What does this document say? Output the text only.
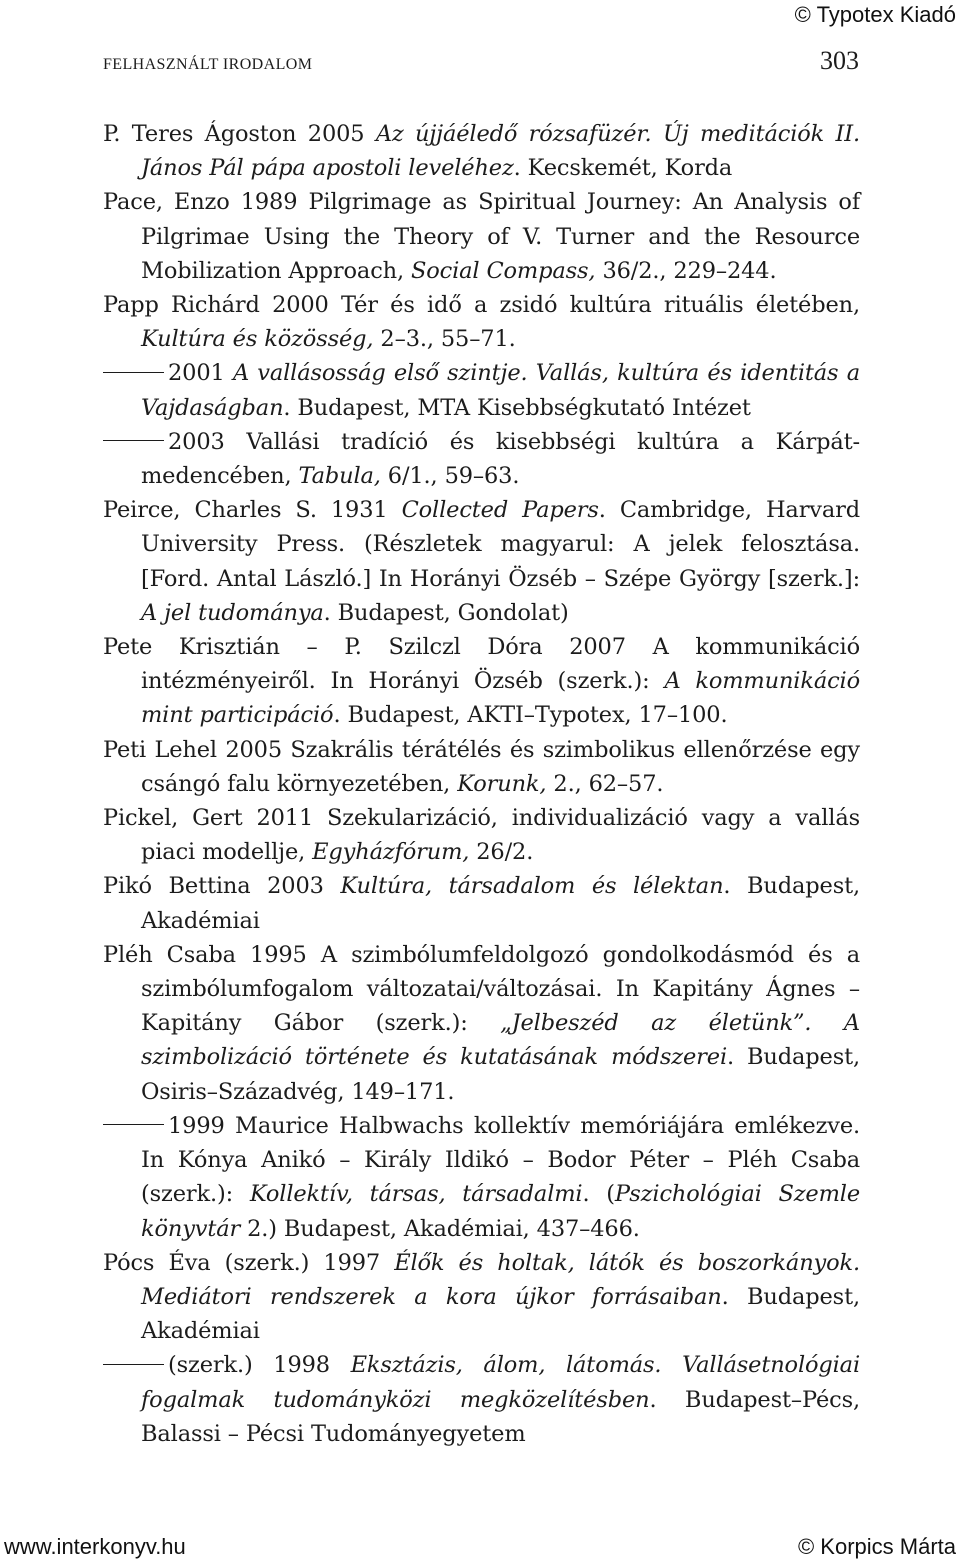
© Typotex Kiadó
FELHASZNÁLT IRODALOM	303
P. Teres Ágoston 2005 Az újjáéledő rózsafüzér. Új meditációk II. János Pál pápa apostoli leveléhez. Kecskemét, Korda
Pace, Enzo 1989 Pilgrimage as Spiritual Journey: An Analysis of Pilgrimae Using the Theory of V. Turner and the Resource Mobilization Approach, Social Compass, 36/2., 229–244.
Papp Richárd 2000 Tér és idő a zsidó kultúra rituális életében, Kultúra és közösség, 2–3., 55–71.
2001 A vallásosság első szintje. Vallás, kultúra és identitás a Vajdaságban. Budapest, MTA Kisebbségkutató Intézet
2003 Vallási tradíció és kisebbségi kultúra a Kárpát-medencében, Tabula, 6/1., 59–63.
Peirce, Charles S. 1931 Collected Papers. Cambridge, Harvard University Press. (Részletek magyarul: A jelek felosztása. [Ford. Antal László.] In Horányi Özséb – Szépe György [szerk.]: A jel tudománya. Budapest, Gondolat)
Pete Krisztián – P. Szilczl Dóra 2007 A kommunikáció intézményeiről. In Horányi Özséb (szerk.): A kommunikáció mint participáció. Budapest, AKTI–Typotex, 17–100.
Peti Lehel 2005 Szakrális térátélés és szimbolikus ellenőrzése egy csángó falu környezetében, Korunk, 2., 62–57.
Pickel, Gert 2011 Szekularizáció, individualizáció vagy a vallás piaci modellje, Egyházfórum, 26/2.
Pikó Bettina 2003 Kultúra, társadalom és lélektan. Budapest, Akadémiai
Pléh Csaba 1995 A szimbólumfeldolgozó gondolkodásmód és a szimbólumfogalom változatai/változásai. In Kapitány Ágnes – Kapitány Gábor (szerk.): „Jelbeszéd az életünk”. A szimbolizáció története és kutatásának módszerei. Budapest, Osiris–Századvég, 149–171.
1999 Maurice Halbwachs kollektív memóriájára emlékezve. In Kónya Anikó – Király Ildikó – Bodor Péter – Pléh Csaba (szerk.): Kollektív, társas, társadalmi. (Pszichológiai Szemle könyvtár 2.) Budapest, Akadémiai, 437–466.
Pócs Éva (szerk.) 1997 Élők és holtak, látók és boszorkányok. Mediátori rendszerek a kora újkor forrásaiban. Budapest, Akadémiai
(szerk.) 1998 Eksztázis, álom, látomás. Vallásetnológiai fogalmak tudományközi megközelítésben. Budapest–Pécs, Balassi – Pécsi Tudományegyetem
www.interkonyv.hu	© Korpics Márta
